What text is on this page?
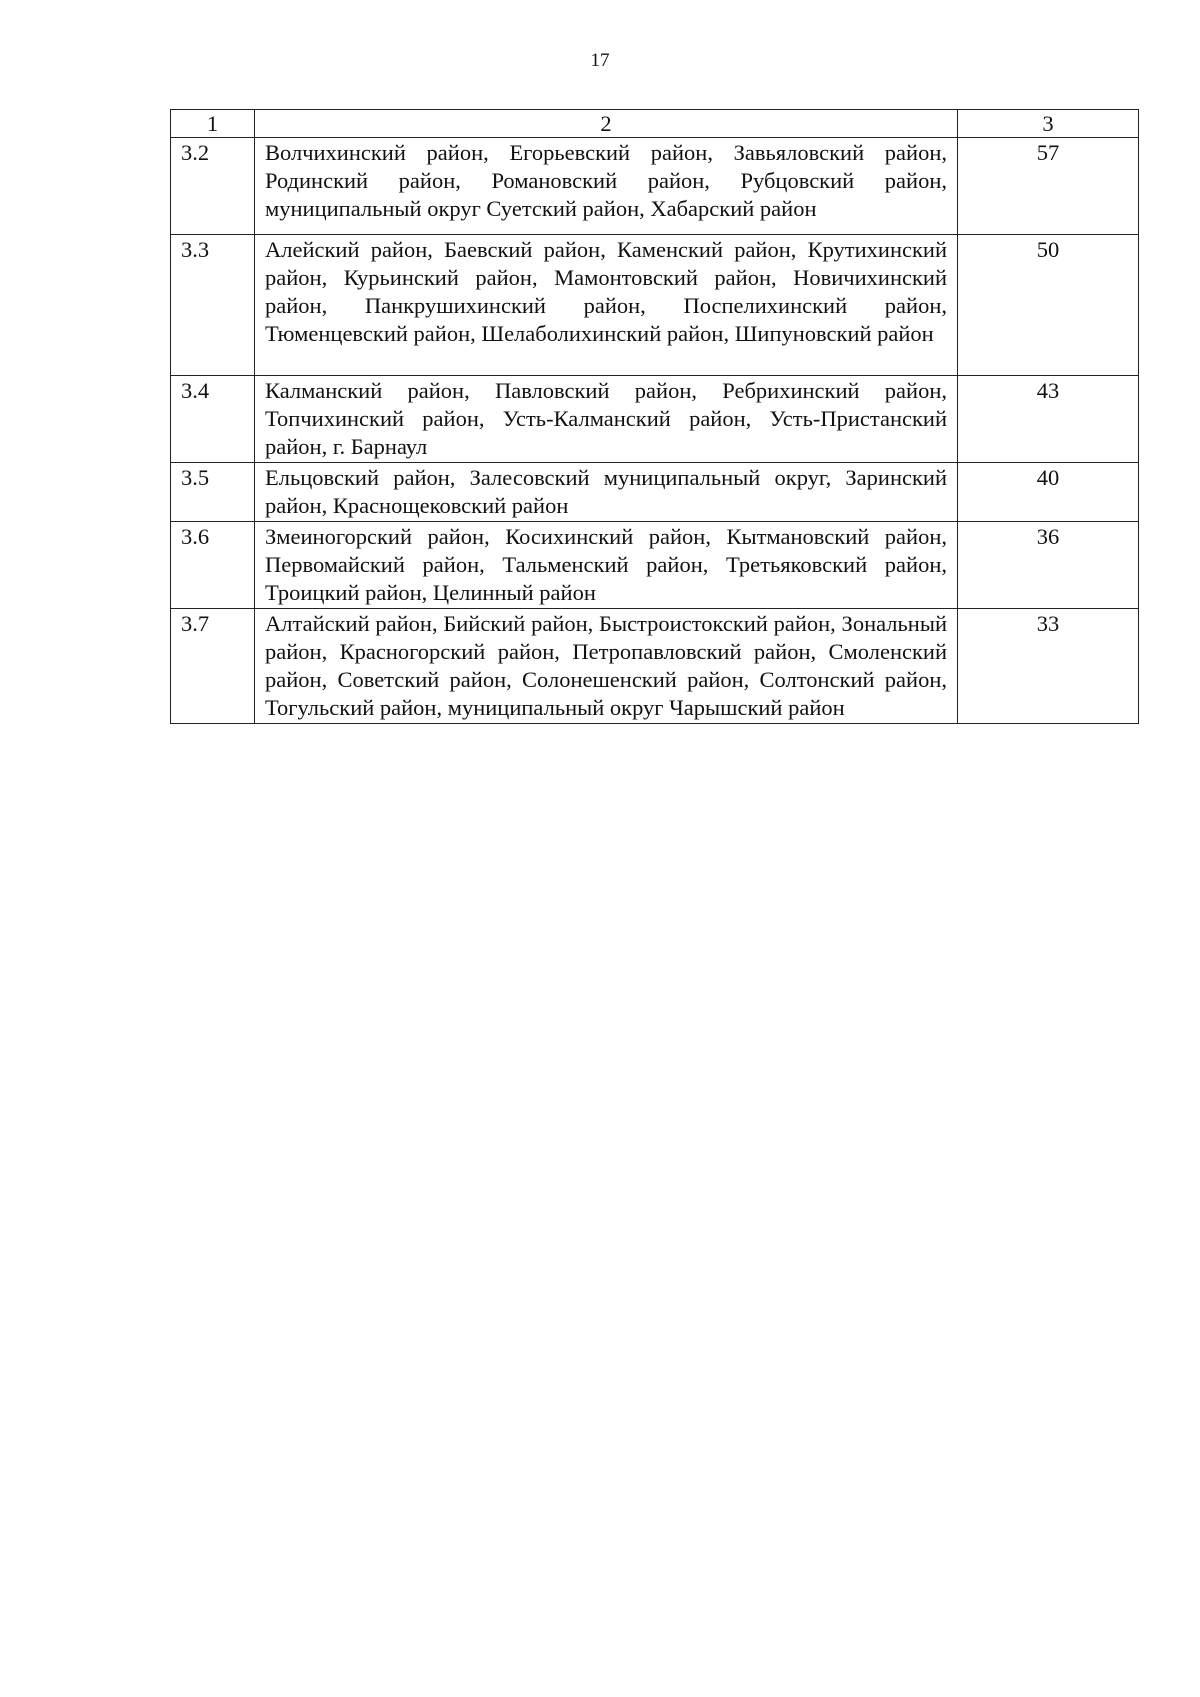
17
1	2	3
3.2	Волчихинский район, Егорьевский район, Завьяловский район, Родинский район, Романовский район, Рубцовский район, муниципальный округ Суетский район, Хабарский район	57
3.3	Алейский район, Баевский район, Каменский район, Крутихинский район, Курьинский район, Мамонтовский район, Новичихинский район, Панкрушихинский район, Поспелихинский район, Тюменцевский район, Шелаболихинский район, Шипуновский район	50
3.4	Калманский район, Павловский район, Ребрихинский район, Топчихинский район, Усть-Калманский район, Усть-Пристанский район, г. Барнаул	43
3.5	Ельцовский район, Залесовский муниципальный округ, Заринский район, Краснощековский район	40
3.6	Змеиногорский район, Косихинский район, Кытмановский район, Первомайский район, Тальменский район, Третьяковский район, Троицкий район, Целинный район	36
3.7	Алтайский район, Бийский район, Быстроистокский район, Зональный район, Красногорский район, Петропавловский район, Смоленский район, Советский район, Солонешенский район, Солтонский район, Тогульский район, муниципальный округ Чарышский район	33
